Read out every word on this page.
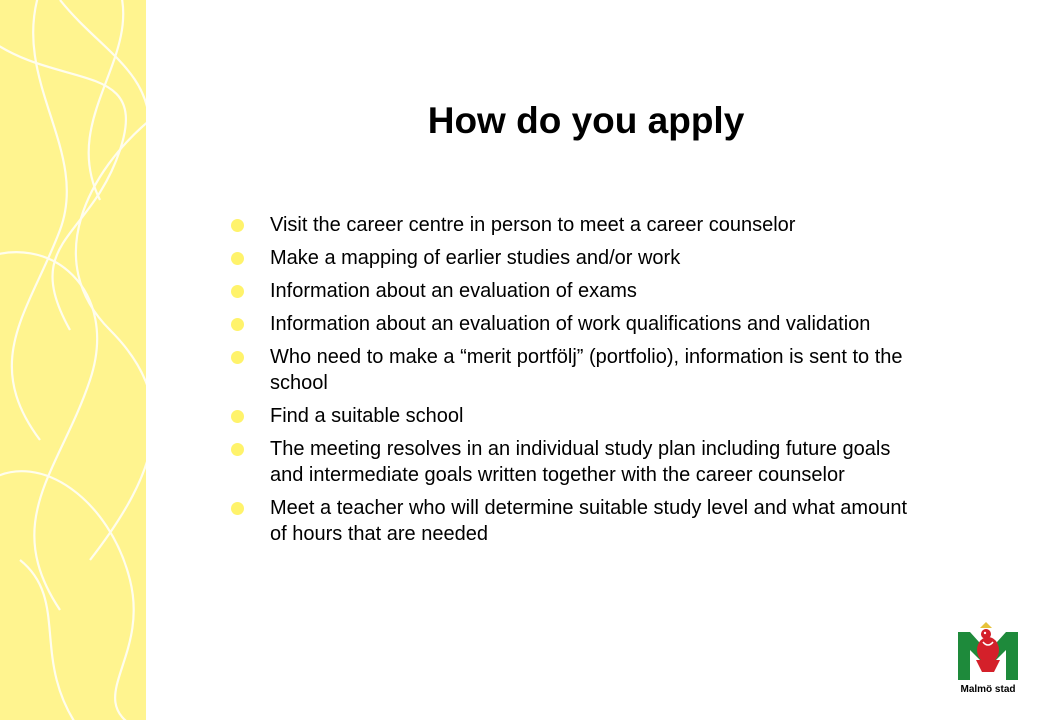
How do you apply
Visit the career centre in person to meet a career counselor
Make a mapping of earlier studies and/or work
Information about an evaluation of exams
Information about an evaluation of work qualifications and validation
Who need to make a “merit portfölj” (portfolio), information is sent to the school
Find a suitable school
The meeting resolves in an individual study plan including future goals and intermediate goals written together with the career counselor
Meet a teacher who will determine suitable study level and what amount of hours that are needed
Malmö stad
